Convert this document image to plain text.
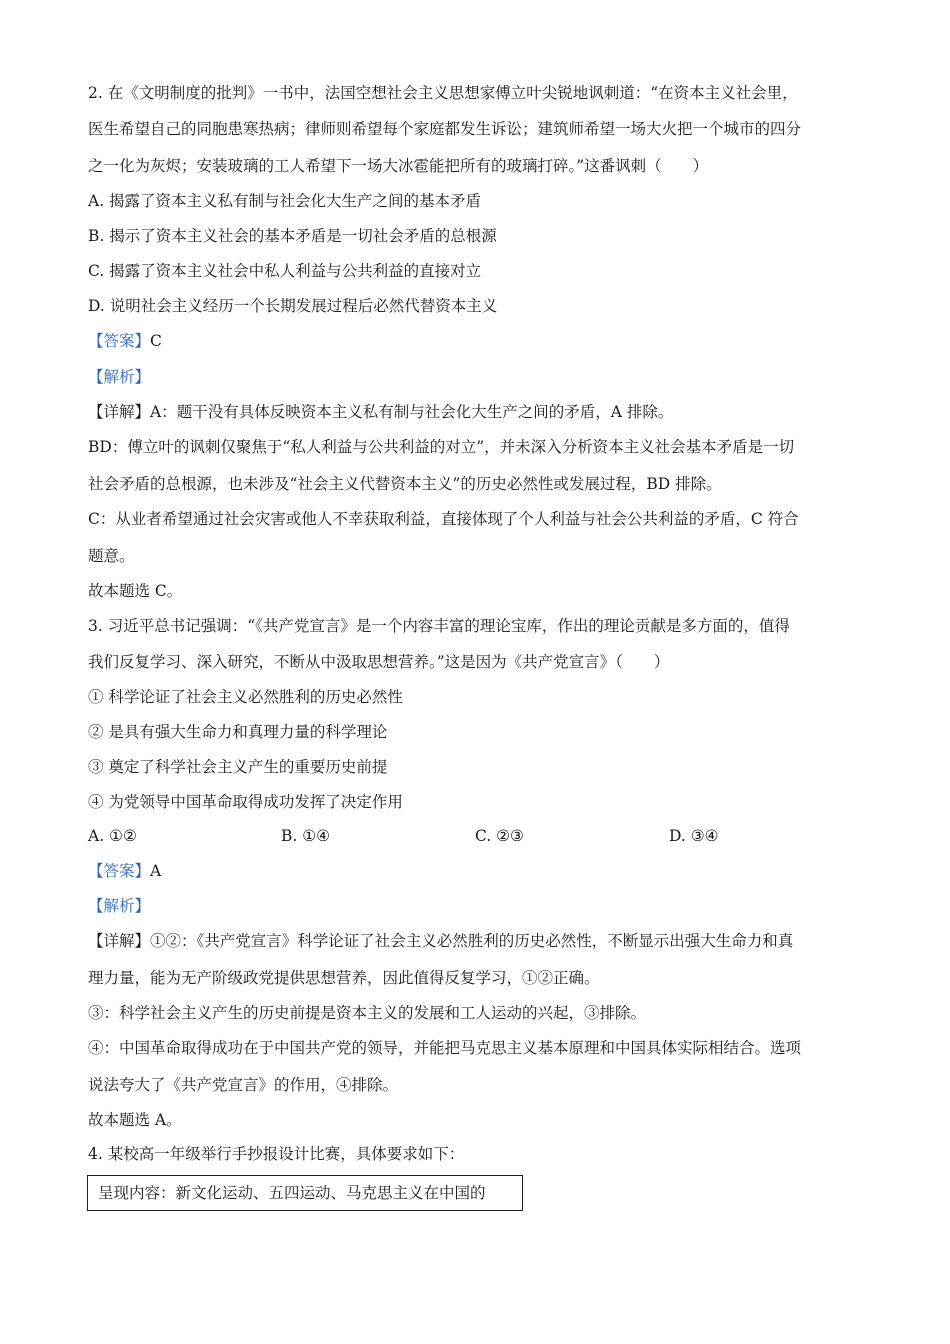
2. 在《文明制度的批判》一书中，法国空想社会主义思想家傅立叶尖锐地讽刺道：“在资本主义社会里，
医生希望自己的同胞患寒热病；律师则希望每个家庭都发生诉讼；建筑师希望一场大火把一个城市的四分
之一化为灰烬；安装玻璃的工人希望下一场大冰雹能把所有的玻璃打碎。”这番讽刺（　　）
A. 揭露了资本主义私有制与社会化大生产之间的基本矛盾
B. 揭示了资本主义社会的基本矛盾是一切社会矛盾的总根源
C. 揭露了资本主义社会中私人利益与公共利益的直接对立
D. 说明社会主义经历一个长期发展过程后必然代替资本主义
【答案】C
【解析】
【详解】A：题干没有具体反映资本主义私有制与社会化大生产之间的矛盾，A 排除。
BD：傅立叶的讽刺仅聚焦于“私人利益与公共利益的对立”，并未深入分析资本主义社会基本矛盾是一切
社会矛盾的总根源，也未涉及“社会主义代替资本主义”的历史必然性或发展过程，BD 排除。
C：从业者希望通过社会灾害或他人不幸获取利益，直接体现了个人利益与社会公共利益的矛盾，C 符合
题意。
故本题选 C。
3. 习近平总书记强调：“《共产党宣言》是一个内容丰富的理论宝库，作出的理论贡献是多方面的，值得
我们反复学习、深入研究，不断从中汲取思想营养。”这是因为《共产党宣言》（　　）
① 科学论证了社会主义必然胜利的历史必然性
② 是具有强大生命力和真理力量的科学理论
③ 奠定了科学社会主义产生的重要历史前提
④ 为党领导中国革命取得成功发挥了决定作用
A. ①②	B. ①④	C. ②③	D. ③④
【答案】A
【解析】
【详解】①②：《共产党宣言》科学论证了社会主义必然胜利的历史必然性，不断显示出强大生命力和真
理力量，能为无产阶级政党提供思想营养，因此值得反复学习，①②正确。
③：科学社会主义产生的历史前提是资本主义的发展和工人运动的兴起，③排除。
④：中国革命取得成功在于中国共产党的领导，并能把马克思主义基本原理和中国具体实际相结合。选项
说法夸大了《共产党宣言》的作用，④排除。
故本题选 A。
4. 某校高一年级举行手抄报设计比赛，具体要求如下：
呈现内容：新文化运动、五四运动、马克思主义在中国的
